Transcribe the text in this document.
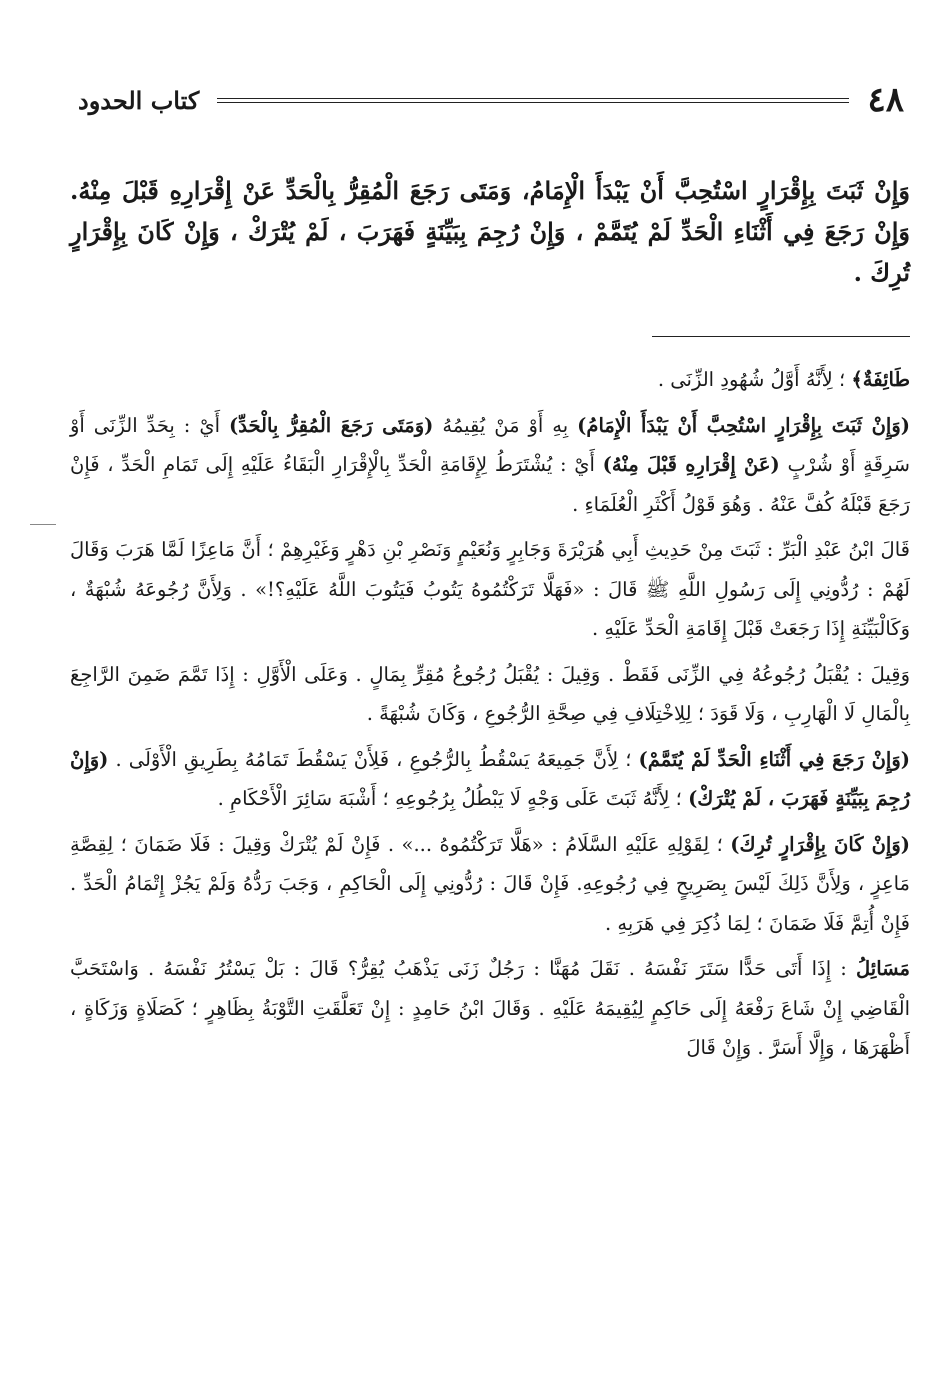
كتاب الحدود	٤٨
وَإِنْ ثَبَتَ بِإِقْرَارٍ اسْتُحِبَّ أَنْ يَبْدَأَ الْإِمَامُ، وَمَتَى رَجَعَ الْمُقِرُّ بِالْحَدِّ عَنْ إِقْرَارِهِ قَبْلَ مِنْهُ. وَإِنْ رَجَعَ فِي أَثْنَاءِ الْحَدِّ لَمْ يُتَمَّمْ ، وَإِنْ رُجِمَ بِبَيِّنَةٍ فَهَرَبَ ، لَمْ يُتْرَكْ ، وَإِنْ كَانَ بِإِقْرَارٍ تُرِكَ .
طَائِفَةٌ﴾ ؛ لِأَنَّهُ أَوَّلُ شُهُودِ الزِّنَى .
(وَإِنْ ثَبَتَ بِإِقْرَارٍ اسْتُحِبَّ أَنْ يَبْدَأَ الْإِمَامُ) بِهِ أَوْ مَنْ يُقِيمُهُ (وَمَتَى رَجَعَ الْمُقِرُّ بِالْحَدِّ) أَيْ : بِحَدِّ الزِّنَى أَوْ سَرِقَةٍ أَوْ شُرْبٍ (عَنْ إِقْرَارِهِ قَبْلَ مِنْهُ) أَيْ : يُشْتَرَطُ لِإِقَامَةِ الْحَدِّ بِالْإِقْرَارِ الْبَقَاءُ عَلَيْهِ إِلَى تَمَامِ الْحَدِّ ، فَإِنْ رَجَعَ قَبْلَهُ كُفَّ عَنْهُ . وَهُوَ قَوْلُ أَكْثَرِ الْعُلَمَاءِ .
قَالَ ابْنُ عَبْدِ الْبَرِّ : ثَبَتَ مِنْ حَدِيثِ أَبِي هُرَيْرَةَ وَجَابِرٍ وَنُعَيْمٍ وَنَصْرِ بْنِ دَهْرٍ وَغَيْرِهِمْ ؛ أَنَّ مَاعِزًا لَمَّا هَرَبَ وَقَالَ لَهُمْ : رُدُّونِي إِلَى رَسُولِ اللَّهِ ﷺ قَالَ : «فَهَلَّا تَرَكْتُمُوهُ يَتُوبُ فَيَتُوبَ اللَّهُ عَلَيْهِ؟!» . وَلِأَنَّ رُجُوعَهُ شُبْهَةٌ ، وَكَالْبَيِّنَةِ إِذَا رَجَعَتْ قَبْلَ إِقَامَةِ الْحَدِّ عَلَيْهِ .
وَقِيلَ : يُقْبَلُ رُجُوعُهُ فِي الزِّنَى فَقَطْ . وَقِيلَ : يُقْبَلُ رُجُوعُ مُقِرٍّ بِمَالٍ . وَعَلَى الْأَوَّلِ : إِذَا تَمَّمَ ضَمِنَ الرَّاجِعَ بِالْمَالِ لَا الْهَارِبِ ، وَلَا قَوَدَ ؛ لِلِاخْتِلَافِ فِي صِحَّةِ الرُّجُوعِ ، وَكَانَ شُبْهَةً .
(وَإِنْ رَجَعَ فِي أَثْنَاءِ الْحَدِّ لَمْ يُتَمَّمْ) ؛ لِأَنَّ جَمِيعَهُ يَسْقُطُ بِالرُّجُوعِ ، فَلِأَنْ يَسْقُطَ تَمَامُهُ بِطَرِيقِ الْأَوْلَى . (وَإِنْ رُجِمَ بِبَيِّنَةٍ فَهَرَبَ ، لَمْ يُتْرَكْ) ؛ لِأَنَّهُ ثَبَتَ عَلَى وَجْهٍ لَا يَبْطُلُ بِرُجُوعِهِ ؛ أَشْبَهَ سَائِرَ الْأَحْكَامِ .
(وَإِنْ كَانَ بِإِقْرَارٍ تُرِكَ) ؛ لِقَوْلِهِ عَلَيْهِ السَّلَامُ : «هَلَّا تَرَكْتُمُوهُ ...» . فَإِنْ لَمْ يُتْرَكْ وَقِيلَ : فَلَا ضَمَانَ ؛ لِقِصَّةِ مَاعِزٍ ، وَلِأَنَّ ذَلِكَ لَيْسَ بِصَرِيحٍ فِي رُجُوعِهِ. فَإِنْ قَالَ : رُدُّونِي إِلَى الْحَاكِمِ ، وَجَبَ رَدُّهُ وَلَمْ يَجُزْ إِتْمَامُ الْحَدِّ . فَإِنْ أُتِمَّ فَلَا ضَمَانَ ؛ لِمَا ذُكِرَ فِي هَرَبِهِ .
مَسَائِلُ : إِذَا أَتَى حَدًّا سَتَرَ نَفْسَهُ . نَقَلَ مُهَنَّا : رَجُلٌ زَنَى يَذْهَبُ يُقِرُّ؟ قَالَ : بَلْ يَسْتُرُ نَفْسَهُ . وَاسْتَحَبَّ الْقَاضِي إِنْ شَاعَ رَفْعَهُ إِلَى حَاكِمٍ لِيُقِيمَهُ عَلَيْهِ . وَقَالَ ابْنُ حَامِدٍ : إِنْ تَعَلَّقَتِ التَّوْبَةُ بِظَاهِرٍ ؛ كَصَلَاةٍ وَزَكَاةٍ ، أَظْهَرَهَا ، وَإِلَّا أَسَرَّ . وَإِنْ قَالَ
